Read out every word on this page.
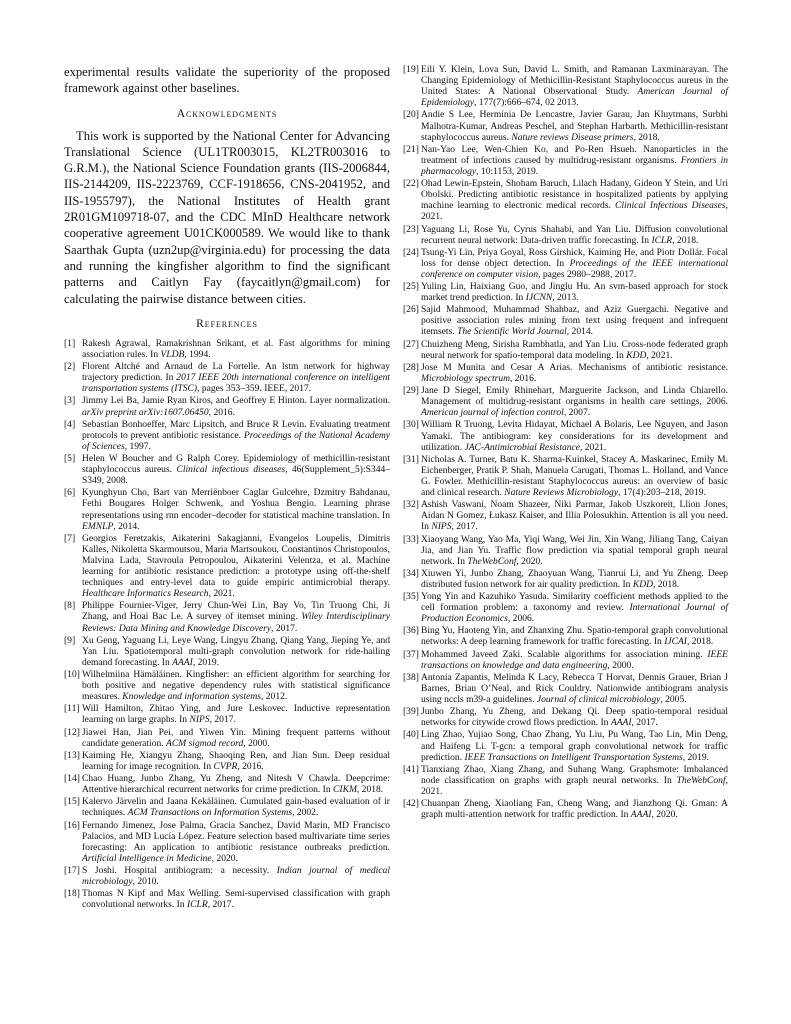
experimental results validate the superiority of the proposed framework against other baselines.

Acknowledgments

This work is supported by the National Center for Advancing Translational Science (UL1TR003015, KL2TR003016 to G.R.M.), the National Science Foundation grants (IIS-2006844, IIS-2144209, IIS-2223769, CCF-1918656, CNS-2041952, and IIS-1955797), the National Institutes of Health grant 2R01GM109718-07, and the CDC MInD Healthcare network cooperative agreement U01CK000589. We would like to thank Saarthak Gupta (uzn2up@virginia.edu) for processing the data and running the kingfisher algorithm to find the significant patterns and Caitlyn Fay (faycaitlyn@gmail.com) for calculating the pairwise distance between cities.

References
[1] Rakesh Agrawal, Ramakrishnan Srikant, et al. Fast algorithms for mining association rules. In VLDB, 1994.
[2] Florent Altché and Arnaud de La Fortelle. An lstm network for highway trajectory prediction. In 2017 IEEE 20th international conference on intelligent transportation systems (ITSC), pages 353–359. IEEE, 2017.
[3] Jimmy Lei Ba, Jamie Ryan Kiros, and Geoffrey E Hinton. Layer normalization. arXiv preprint arXiv:1607.06450, 2016.
[4] Sebastian Bonhoeffer, Marc Lipsitch, and Bruce R Levin. Evaluating treatment protocols to prevent antibiotic resistance. Proceedings of the National Academy of Sciences, 1997.
[5] Helen W Boucher and G Ralph Corey. Epidemiology of methicillin-resistant staphylococcus aureus. Clinical infectious diseases, 46(Supplement_5):S344–S349, 2008.
[6] Kyunghyun Cho, Bart van Merriënboer Caglar Gulcehre, Dzmitry Bahdanau, Fethi Bougares Holger Schwenk, and Yoshua Bengio. Learning phrase representations using rnn encoder–decoder for statistical machine translation. In EMNLP, 2014.
[7] Georgios Feretzakis, Aikaterini Sakagianni, Evangelos Loupelis, Dimitris Kalles, Nikoletta Skarmoutsou, Maria Martsoukou, Constantinos Christopoulos, Malvina Lada, Stavroula Petropoulou, Aikaterini Velentza, et al. Machine learning for antibiotic resistance prediction: a prototype using off-the-shelf techniques and entry-level data to guide empiric antimicrobial therapy. Healthcare Informatics Research, 2021.
[8] Philippe Fournier-Viger, Jerry Chun-Wei Lin, Bay Vo, Tin Truong Chi, Ji Zhang, and Hoai Bac Le. A survey of itemset mining. Wiley Interdisciplinary Reviews: Data Mining and Knowledge Discovery, 2017.
[9] Xu Geng, Yaguang Li, Leye Wang, Lingyu Zhang, Qiang Yang, Jieping Ye, and Yan Liu. Spatiotemporal multi-graph convolution network for ride-hailing demand forecasting. In AAAI, 2019.
[10] Wilhelmiina Hämäläinen. Kingfisher: an efficient algorithm for searching for both positive and negative dependency rules with statistical significance measures. Knowledge and information systems, 2012.
[11] Will Hamilton, Zhitao Ying, and Jure Leskovec. Inductive representation learning on large graphs. In NIPS, 2017.
[12] Jiawei Han, Jian Pei, and Yiwen Yin. Mining frequent patterns without candidate generation. ACM sigmod record, 2000.
[13] Kaiming He, Xiangyu Zhang, Shaoqing Ren, and Jian Sun. Deep residual learning for image recognition. In CVPR, 2016.
[14] Chao Huang, Junbo Zhang, Yu Zheng, and Nitesh V Chawla. Deepcrime: Attentive hierarchical recurrent networks for crime prediction. In CIKM, 2018.
[15] Kalervo Järvelin and Jaana Kekäläinen. Cumulated gain-based evaluation of ir techniques. ACM Transactions on Information Systems, 2002.
[16] Fernando Jimenez, Jose Palma, Gracia Sanchez, David Marin, MD Francisco Palacios, and MD Lucía López. Feature selection based multivariate time series forecasting: An application to antibiotic resistance outbreaks prediction. Artificial Intelligence in Medicine, 2020.
[17] S Joshi. Hospital antibiogram: a necessity. Indian journal of medical microbiology, 2010.
[18] Thomas N Kipf and Max Welling. Semi-supervised classification with graph convolutional networks. In ICLR, 2017.
[19] Eili Y. Klein, Lova Sun, David L. Smith, and Ramanan Laxminarayan. The Changing Epidemiology of Methicillin-Resistant Staphylococcus aureus in the United States: A National Observational Study. American Journal of Epidemiology, 177(7):666–674, 02 2013.
[20] Andie S Lee, Hermínia De Lencastre, Javier Garau, Jan Kluytmans, Surbhi Malhotra-Kumar, Andreas Peschel, and Stephan Harbarth. Methicillin-resistant staphylococcus aureus. Nature reviews Disease primers, 2018.
[21] Nan-Yao Lee, Wen-Chien Ko, and Po-Ren Hsueh. Nanoparticles in the treatment of infections caused by multidrug-resistant organisms. Frontiers in pharmacology, 10:1153, 2019.
[22] Ohad Lewin-Epstein, Shoham Baruch, Lilach Hadany, Gideon Y Stein, and Uri Obolski. Predicting antibiotic resistance in hospitalized patients by applying machine learning to electronic medical records. Clinical Infectious Diseases, 2021.
[23] Yaguang Li, Rose Yu, Cyrus Shahabi, and Yan Liu. Diffusion convolutional recurrent neural network: Data-driven traffic forecasting. In ICLR, 2018.
[24] Tsung-Yi Lin, Priya Goyal, Ross Girshick, Kaiming He, and Piotr Dollár. Focal loss for dense object detection. In Proceedings of the IEEE international conference on computer vision, pages 2980–2988, 2017.
[25] Yuling Lin, Haixiang Guo, and Jinglu Hu. An svm-based approach for stock market trend prediction. In IJCNN, 2013.
[26] Sajid Mahmood, Muhammad Shahbaz, and Aziz Guergachi. Negative and positive association rules mining from text using frequent and infrequent itemsets. The Scientific World Journal, 2014.
[27] Chuizheng Meng, Sirisha Rambhatla, and Yan Liu. Cross-node federated graph neural network for spatio-temporal data modeling. In KDD, 2021.
[28] Jose M Munita and Cesar A Arias. Mechanisms of antibiotic resistance. Microbiology spectrum, 2016.
[29] Jane D Siegel, Emily Rhinehart, Marguerite Jackson, and Linda Chiarello. Management of multidrug-resistant organisms in health care settings, 2006. American journal of infection control, 2007.
[30] William R Truong, Levita Hidayat, Michael A Bolaris, Lee Nguyen, and Jason Yamaki. The antibiogram: key considerations for its development and utilization. JAC-Antimicrobial Resistance, 2021.
[31] Nicholas A. Turner, Batu K. Sharma-Kuinkel, Stacey A. Maskarinec, Emily M. Eichenberger, Pratik P. Shah, Manuela Carugati, Thomas L. Holland, and Vance G. Fowler. Methicillin-resistant Staphylococcus aureus: an overview of basic and clinical research. Nature Reviews Microbiology, 17(4):203–218, 2019.
[32] Ashish Vaswani, Noam Shazeer, Niki Parmar, Jakob Uszkoreit, Llion Jones, Aidan N Gomez, Łukasz Kaiser, and Illia Polosukhin. Attention is all you need. In NIPS, 2017.
[33] Xiaoyang Wang, Yao Ma, Yiqi Wang, Wei Jin, Xin Wang, Jiliang Tang, Caiyan Jia, and Jian Yu. Traffic flow prediction via spatial temporal graph neural network. In TheWebConf, 2020.
[34] Xiuwen Yi, Junbo Zhang, Zhaoyuan Wang, Tianrui Li, and Yu Zheng. Deep distributed fusion network for air quality prediction. In KDD, 2018.
[35] Yong Yin and Kazuhiko Yasuda. Similarity coefficient methods applied to the cell formation problem: a taxonomy and review. International Journal of Production Economics, 2006.
[36] Bing Yu, Haoteng Yin, and Zhanxing Zhu. Spatio-temporal graph convolutional networks: A deep learning framework for traffic forecasting. In IJCAI, 2018.
[37] Mohammed Javeed Zaki. Scalable algorithms for association mining. IEEE transactions on knowledge and data engineering, 2000.
[38] Antonia Zapantis, Melinda K Lacy, Rebecca T Horvat, Dennis Grauer, Brian J Barnes, Brian O’Neal, and Rick Couldry. Nationwide antibiogram analysis using nccls m39-a guidelines. Journal of clinical microbiology, 2005.
[39] Junbo Zhang, Yu Zheng, and Dekang Qi. Deep spatio-temporal residual networks for citywide crowd flows prediction. In AAAI, 2017.
[40] Ling Zhao, Yujiao Song, Chao Zhang, Yu Liu, Pu Wang, Tao Lin, Min Deng, and Haifeng Li. T-gcn: a temporal graph convolutional network for traffic prediction. IEEE Transactions on Intelligent Transportation Systems, 2019.
[41] Tianxiang Zhao, Xiang Zhang, and Suhang Wang. Graphsmote: Imbalanced node classification on graphs with graph neural networks. In TheWebConf, 2021.
[42] Chuanpan Zheng, Xiaoliang Fan, Cheng Wang, and Jianzhong Qi. Gman: A graph multi-attention network for traffic prediction. In AAAI, 2020.
